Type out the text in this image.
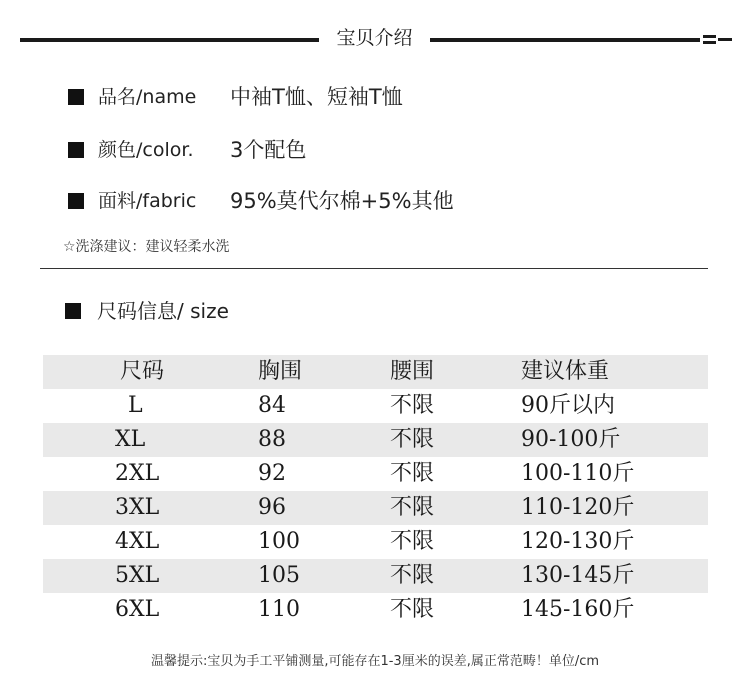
宝贝介绍
品名/name 中袖T恤、短袖T恤
颜色/color. 3个配色
面料/fabric 95%莫代尔棉+5%其他
☆洗涤建议：建议轻柔水洗
尺码信息/ size
尺码	胸围	腰围	建议体重
L	84	不限	90斤以内
XL	88	不限	90-100斤
2XL	92	不限	100-110斤
3XL	96	不限	110-120斤
4XL	100	不限	120-130斤
5XL	105	不限	130-145斤
6XL	110	不限	145-160斤
温馨提示:宝贝为手工平铺测量,可能存在1-3厘米的误差,属正常范畴！单位/cm
